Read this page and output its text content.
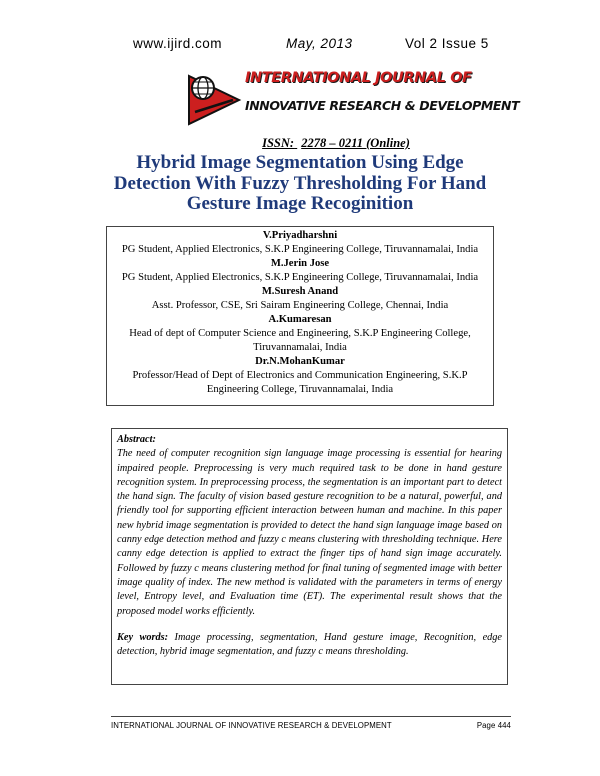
www.ijird.com	May, 2013	Vol 2 Issue 5
INTERNATIONAL JOURNAL OF
INNOVATIVE RESEARCH & DEVELOPMENT
ISSN: 2278 – 0211 (Online)
Hybrid Image Segmentation Using Edge
Detection With Fuzzy Thresholding For Hand
Gesture Image Recoginition
V.Priyadharshni
PG Student, Applied Electronics, S.K.P Engineering College, Tiruvannamalai, India
M.Jerin Jose
PG Student, Applied Electronics, S.K.P Engineering College, Tiruvannamalai, India
M.Suresh Anand
Asst. Professor, CSE, Sri Sairam Engineering College, Chennai, India
A.Kumaresan
Head of dept of Computer Science and Engineering, S.K.P Engineering College,
Tiruvannamalai, India
Dr.N.MohanKumar
Professor/Head of Dept of Electronics and Communication Engineering, S.K.P
Engineering College, Tiruvannamalai, India

Abstract:

The need of computer recognition sign language image processing is essential for hearing impaired people. Preprocessing is very much required task to be done in hand gesture recognition system. In preprocessing process, the segmentation is an important part to detect the hand sign. The faculty of vision based gesture recognition to be a natural, powerful, and friendly tool for supporting efficient interaction between human and machine. In this paper new hybrid image segmentation is provided to detect the hand sign language image based on canny edge detection method and fuzzy c means clustering with thresholding technique. Here canny edge detection is applied to extract the finger tips of hand sign image accurately. Followed by fuzzy c means clustering method for final tuning of segmented image with better image quality of index. The new method is validated with the parameters in terms of energy level, Entropy level, and Evaluation time (ET). The experimental result shows that the proposed model works efficiently.

Key words: Image processing, segmentation, Hand gesture image, Recognition, edge detection, hybrid image segmentation, and fuzzy c means thresholding.

INTERNATIONAL JOURNAL OF INNOVATIVE RESEARCH & DEVELOPMENT	Page 444
